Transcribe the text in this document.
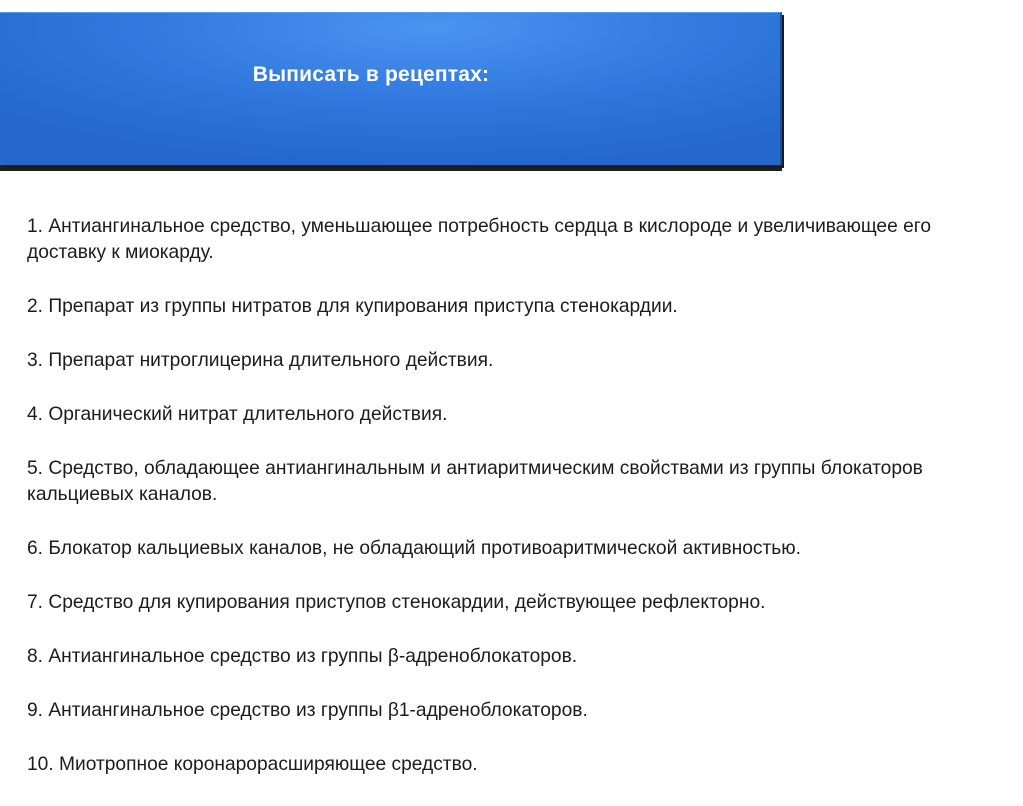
Выписать в рецептах:
1. Антиангинальное средство, уменьшающее потребность сердца в кислороде и увеличивающее его доставку к миокарду.
2. Препарат из группы нитратов для купирования приступа стенокардии.
3. Препарат нитроглицерина длительного действия.
4. Органический нитрат длительного действия.
5. Средство, обладающее антиангинальным и антиаритмическим свойствами из группы блокаторов кальциевых каналов.
6. Блокатор кальциевых каналов, не обладающий противоаритмической активностью.
7. Средство для купирования приступов стенокардии, действующее рефлекторно.
8. Антиангинальное средство из группы β-адреноблокаторов.
9. Антиангинальное средство из группы β1-адреноблокаторов.
10. Миотропное коронарорасширяющее средство.
